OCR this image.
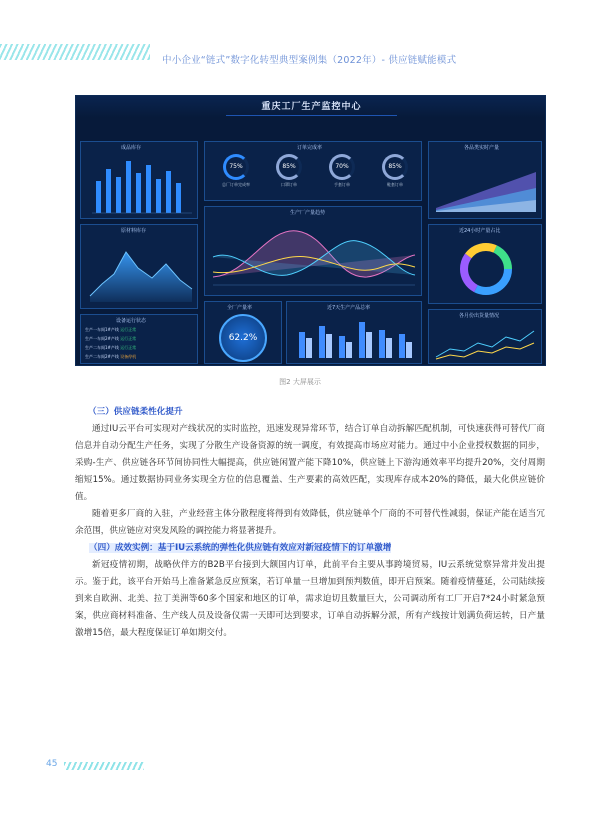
中小企业“链式”数字化转型典型案例集（2022年）- 供应链赋能模式
重庆工厂生产监控中心
成品库存
原材料库存
设备运行状态
生产一车间1#产线 运行正常
生产一车间2#产线 运行正常
生产二车间1#产线 运行正常
生产二车间2#产线 设备停机
订单完成率
75%
总厂订单完成率
85%
口罩订单
70%
手套订单
85%
鞋套订单
生产厂产量趋势
全厂产量率
62.2%
近7天生产产品总率
各品类实时产量
近24小时产量占比
各月份出货量情况
图2 大屏展示
（三）供应链柔性化提升
通过IU云平台可实现对产线状况的实时监控，迅速发现异常环节，结合订单自动拆解匹配机制，可快速获得可替代厂商信息并自动分配生产任务，实现了分散生产设备资源的统一调度，有效提高市场应对能力。通过中小企业授权数据的同步，采购-生产、供应链各环节间协同性大幅提高，供应链闲置产能下降10%，供应链上下游沟通效率平均提升20%，交付周期缩短15%。通过数据协同业务实现全方位的信息覆盖、生产要素的高效匹配，实现库存成本20%的降低，最大化供应链价值。
随着更多厂商的入驻，产业经营主体分散程度将得到有效降低，供应链单个厂商的不可替代性减弱，保证产能在适当冗余范围，供应链应对突发风险的调控能力将显著提升。
（四）成效实例：基于IU云系统的弹性化供应链有效应对新冠疫情下的订单激增
新冠疫情初期，战略伙伴方的B2B平台接到大额国内订单，此前平台主要从事跨境贸易，IU云系统觉察异常并发出提示。鉴于此，该平台开始马上准备紧急反应预案，若订单量一旦增加到预判数值，即开启预案。随着疫情蔓延，公司陆续接到来自欧洲、北美、拉丁美洲等60多个国家和地区的订单，需求迫切且数量巨大，公司调动所有工厂开启7*24小时紧急预案，供应商材料准备、生产线人员及设备仪需一天即可达到要求，订单自动拆解分派，所有产线按计划满负荷运转，日产量激增15倍，最大程度保证订单如期交付。
45
